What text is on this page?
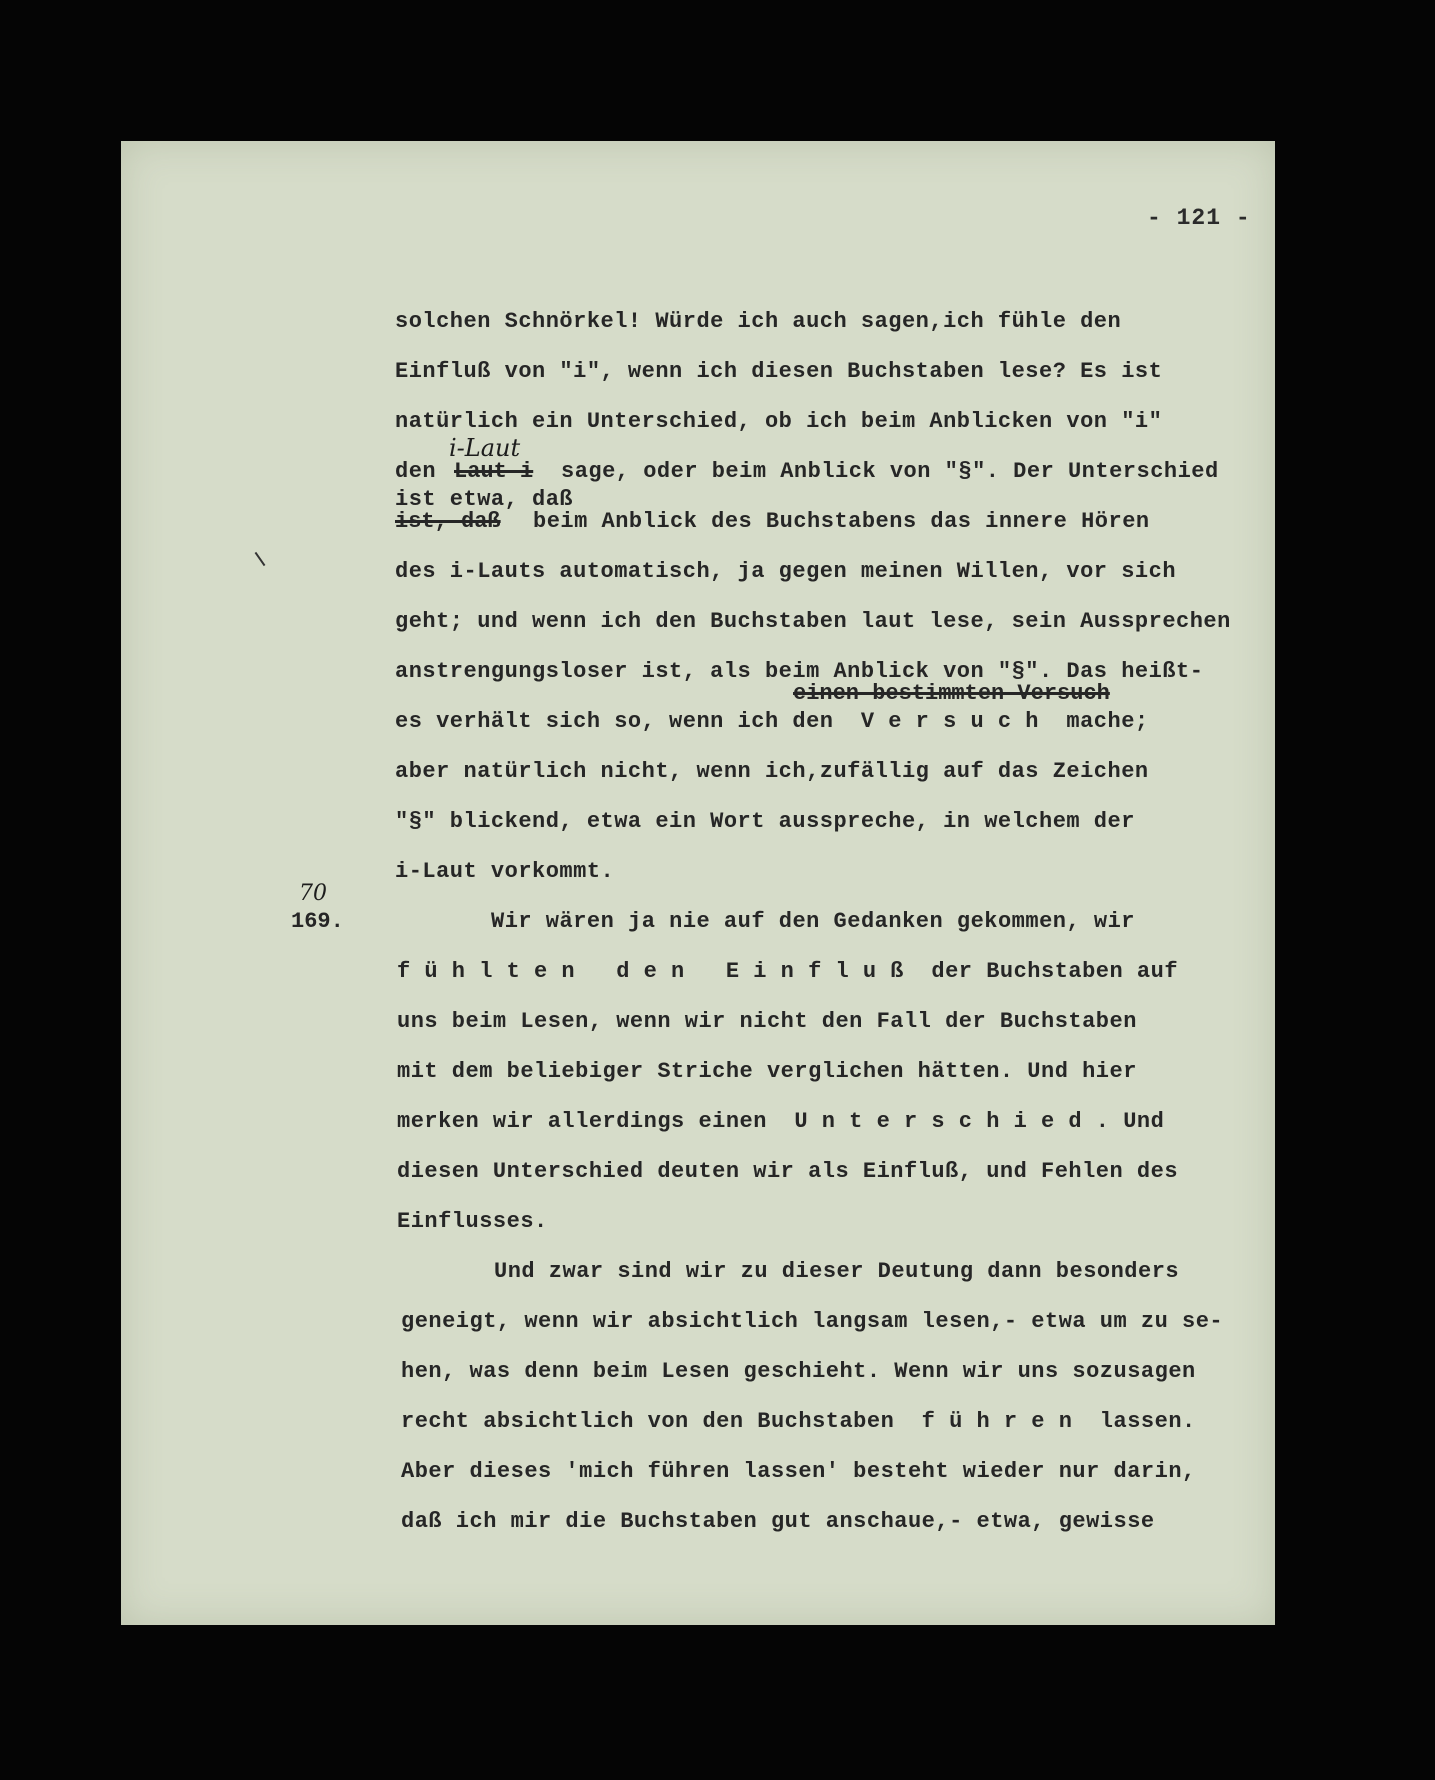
- 121 -
solchen Schnörkel! Würde ich auch sagen,ich fühle den
Einfluß von "i", wenn ich diesen Buchstaben lese? Es ist
natürlich ein Unterschied, ob ich beim Anblicken von "i"
i-Laut
den Laut i sage, oder beim Anblick von "§". Der Unterschied
ist etwa, daß
ist, daß beim Anblick des Buchstabens das innere Hören
des i-Lauts automatisch, ja gegen meinen Willen, vor sich
geht; und wenn ich den Buchstaben laut lese, sein Aussprechen
anstrengungsloser ist, als beim Anblick von "§". Das heißt-
einen bestimmten Versuch
es verhält sich so, wenn ich den  V e r s u c h  mache;
aber natürlich nicht, wenn ich,zufällig auf das Zeichen
"§" blickend, etwa ein Wort ausspreche, in welchem der
i-Laut vorkommt.
70
169.	Wir wären ja nie auf den Gedanken gekommen, wir
f ü h l t e n   d e n   E i n f l u ß  der Buchstaben auf
uns beim Lesen, wenn wir nicht den Fall der Buchstaben
mit dem beliebiger Striche verglichen hätten. Und hier
merken wir allerdings einen  U n t e r s c h i e d . Und
diesen Unterschied deuten wir als Einfluß, und Fehlen des
Einflusses.
Und zwar sind wir zu dieser Deutung dann besonders
geneigt, wenn wir absichtlich langsam lesen,- etwa um zu se-
hen, was denn beim Lesen geschieht. Wenn wir uns sozusagen
recht absichtlich von den Buchstaben  f ü h r e n  lassen.
Aber dieses 'mich führen lassen' besteht wieder nur darin,
daß ich mir die Buchstaben gut anschaue,- etwa, gewisse
